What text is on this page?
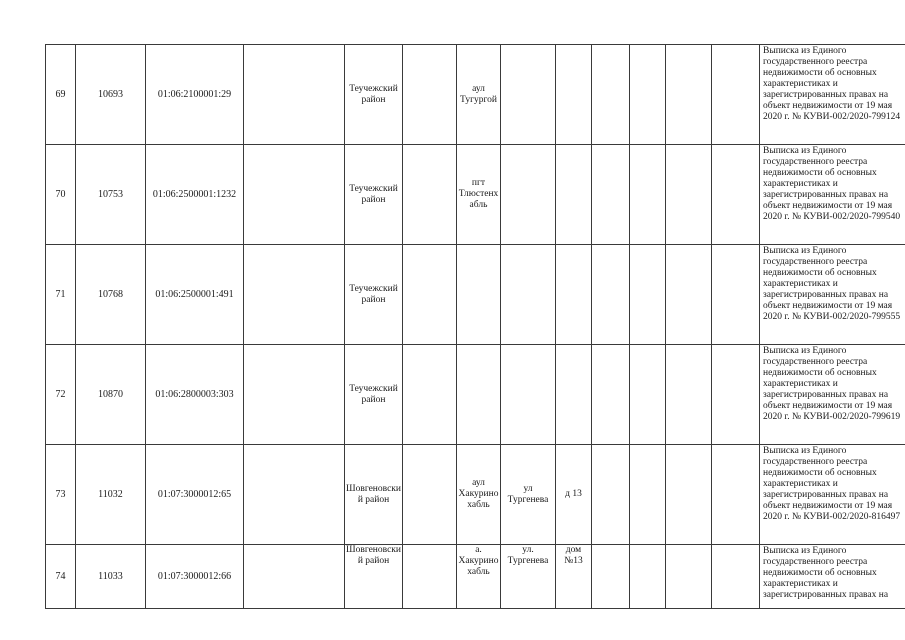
69	10693	01:06:2100001:29		Теучежский район		аул Тугургой							Выписка из Единого государственного реестра недвижимости об основных характеристиках и зарегистрированных правах на объект недвижимости от 19 мая 2020 г. № КУВИ-002/2020-799124
70	10753	01:06:2500001:1232		Теучежский район		пгт Тлюстенхабль							Выписка из Единого государственного реестра недвижимости об основных характеристиках и зарегистрированных правах на объект недвижимости от 19 мая 2020 г. № КУВИ-002/2020-799540
71	10768	01:06:2500001:491		Теучежский район									Выписка из Единого государственного реестра недвижимости об основных характеристиках и зарегистрированных правах на объект недвижимости от 19 мая 2020 г. № КУВИ-002/2020-799555
72	10870	01:06:2800003:303		Теучежский район									Выписка из Единого государственного реестра недвижимости об основных характеристиках и зарегистрированных правах на объект недвижимости от 19 мая 2020 г. № КУВИ-002/2020-799619
73	11032	01:07:3000012:65		Шовгеновский район		аул Хакуринохабль	ул Тургенева	д 13					Выписка из Единого государственного реестра недвижимости об основных характеристиках и зарегистрированных правах на объект недвижимости от 19 мая 2020 г. № КУВИ-002/2020-816497
74	11033	01:07:3000012:66		Шовгеновский район		а. Хакуринохабль	ул. Тургенева	дом №13					Выписка из Единого государственного реестра недвижимости об основных характеристиках и зарегистрированных правах на
